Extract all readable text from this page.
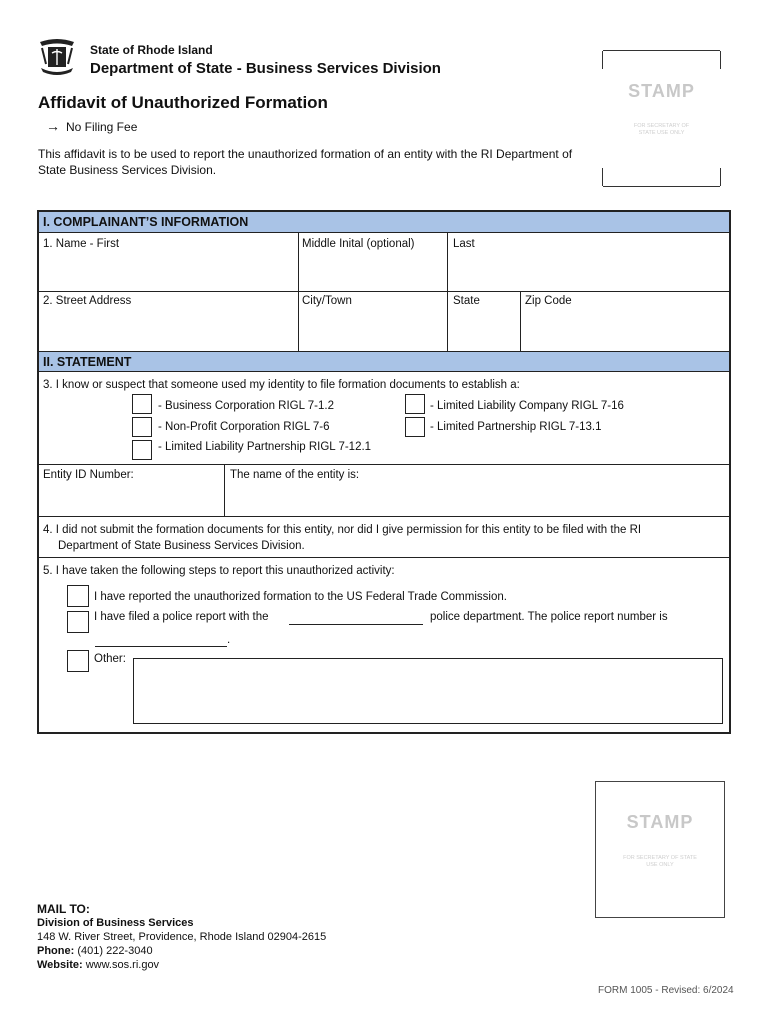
State of Rhode Island
Department of State - Business Services Division
Affidavit of Unauthorized Formation
→ No Filing Fee
This affidavit is to be used to report the unauthorized formation of an entity with the RI Department of State Business Services Division.
STAMP
FOR SECRETARY OF STATE USE ONLY
I. COMPLAINANT’S INFORMATION
1. Name - First	Middle Inital (optional)	Last
2. Street Address	City/Town	State	Zip Code
II. STATEMENT
3. I know or suspect that someone used my identity to file formation documents to establish a:
- Business Corporation RIGL 7-1.2
- Non-Profit Corporation RIGL 7-6
- Limited Liability Partnership RIGL 7-12.1
- Limited Liability Company RIGL 7-16
- Limited Partnership RIGL 7-13.1
Entity ID Number:	The name of the entity is:
4. I did not submit the formation documents for this entity, nor did I give permission for this entity to be filed with the RI
Department of State Business Services Division.
5. I have taken the following steps to report this unauthorized activity:
I have reported the unauthorized formation to the US Federal Trade Commission.
I have filed a police report with the	police department. The police report number is
.
Other:
STAMP
FOR SECRETARY OF STATE USE ONLY
MAIL TO:
Division of Business Services
148 W. River Street, Providence, Rhode Island 02904-2615
Phone: (401) 222-3040
Website: www.sos.ri.gov
FORM 1005 - Revised: 6/2024
